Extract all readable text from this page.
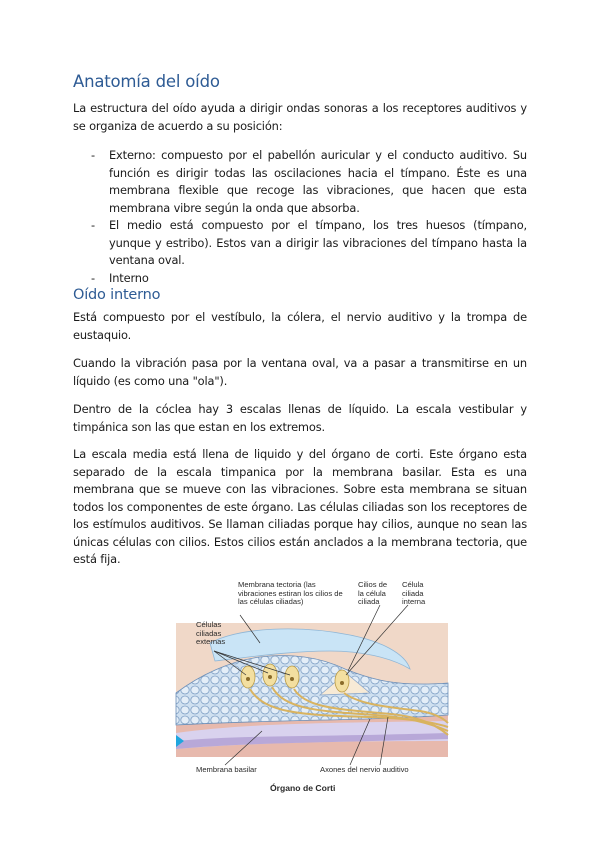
Anatomía del oído

La estructura del oído ayuda a dirigir ondas sonoras a los receptores auditivos y se organiza de acuerdo a su posición:

- Externo: compuesto por el pabellón auricular y el conducto auditivo. Su función es dirigir todas las oscilaciones hacia el tímpano. Éste es una membrana flexible que recoge las vibraciones, que hacen que esta membrana vibre según la onda que absorba.
- El medio está compuesto por el tímpano, los tres huesos (tímpano, yunque y estribo). Estos van a dirigir las vibraciones del tímpano hasta la ventana oval.
- Interno
Oído interno

Está compuesto por el vestíbulo, la cólera, el nervio auditivo y la trompa de eustaquio.

Cuando la vibración pasa por la ventana oval, va a pasar a transmitirse en un líquido (es como una "ola").

Dentro de la cóclea hay 3 escalas llenas de líquido. La escala vestibular y timpánica son las que estan en los extremos.

La escala media está llena de liquido y del órgano de corti. Este órgano esta separado de la escala timpanica por la membrana basilar. Esta es una membrana que se mueve con las vibraciones. Sobre esta membrana se situan todos los componentes de este órgano. Las células ciliadas son los receptores de los estímulos auditivos. Se llaman ciliadas porque hay cilios, aunque no sean las únicas células con cilios. Estos cilios están anclados a la membrana tectoria, que está fija.

Membrana tectoria (las vibraciones estiran los cilios de las células ciliadas)
Cilios de la célula ciliada
Célula ciliada interna
Células ciliadas externas
Membrana basilar	Axones del nervio auditivo
Órgano de Corti
